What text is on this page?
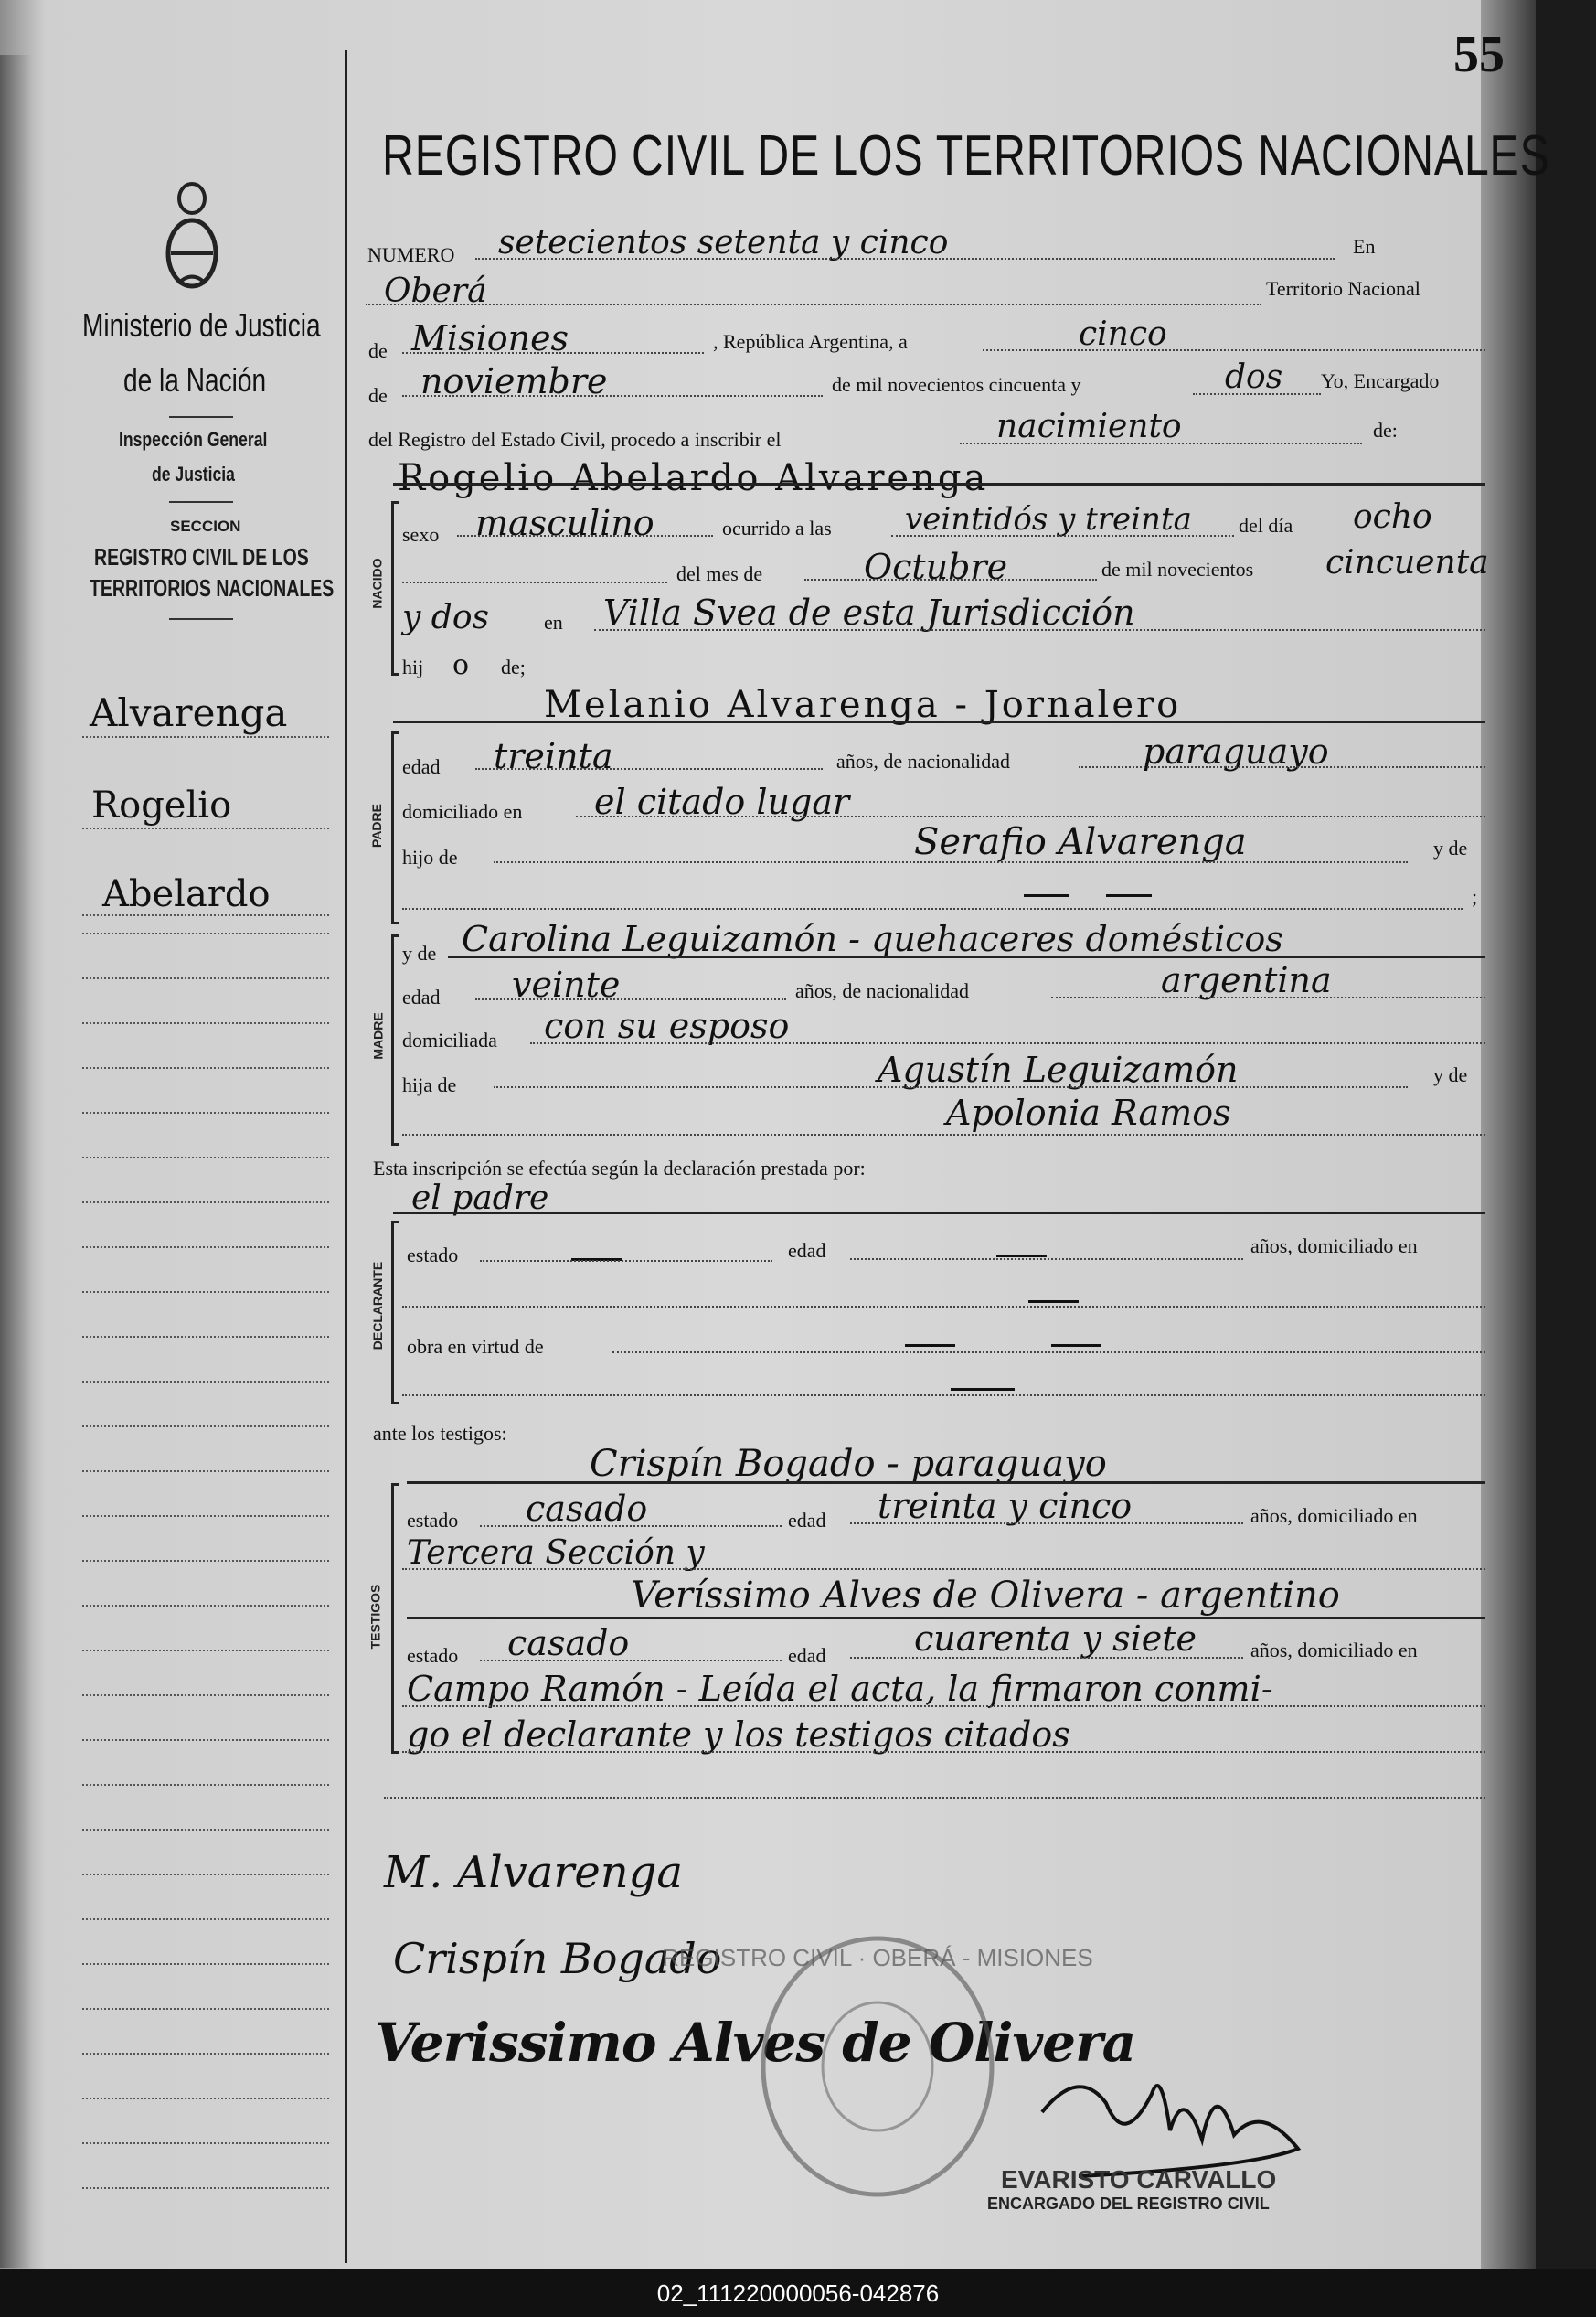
55
REGISTRO CIVIL DE LOS TERRITORIOS NACIONALES
Ministerio de Justicia
de la Nación
Inspección General
de Justicia
SECCION
REGISTRO CIVIL DE LOS
TERRITORIOS NACIONALES
Alvarenga
Rogelio
Abelardo
NUMERO setecientos setenta y cinco	En
Oberá	Territorio Nacional
de Misiones	, República Argentina, a	cinco
de noviembre	de mil novecientos cincuenta y	dos Yo, Encargado
del Registro del Estado Civil, procedo a inscribir el	nacimiento	de:
Rogelio Abelardo Alvarenga
NACIDO
sexo masculino	ocurrido a las veintidós y treinta del día ocho
del mes de	Octubre	de mil novecientos cincuenta
y dos	en Villa Svea de esta Jurisdicción
hij o de;
Melanio Alvarenga - Jornalero
PADRE
edad treinta	años, de nacionalidad	paraguayo
domiciliado en el citado lugar
hijo de	Serafio Alvarenga	y de
;
MADRE
y de Carolina Leguizamón - quehaceres domésticos
edad veinte	años, de nacionalidad	argentina
domiciliada con su esposo
hija de	Agustín Leguizamón	y de
Apolonia Ramos
Esta inscripción se efectúa según la declaración prestada por:
el padre
DECLARANTE
estado	edad	años, domiciliado en
obra en virtud de
ante los testigos:
Crispín Bogado - paraguayo
TESTIGOS
estado casado	edad treinta y cinco	años, domiciliado en
Tercera Sección y
Veríssimo Alves de Olivera - argentino
estado casado	edad	cuarenta y siete	años, domiciliado en
Campo Ramón - Leída el acta, la firmaron conmi-
go el declarante y los testigos citados
M. Alvarenga
Crispín Bogado
Verissimo Alves de Olivera
REGISTRO CIVIL · OBERÁ - MISIONES
EVARISTO CARVALLO
ENCARGADO DEL REGISTRO CIVIL
02_111220000056-042876
